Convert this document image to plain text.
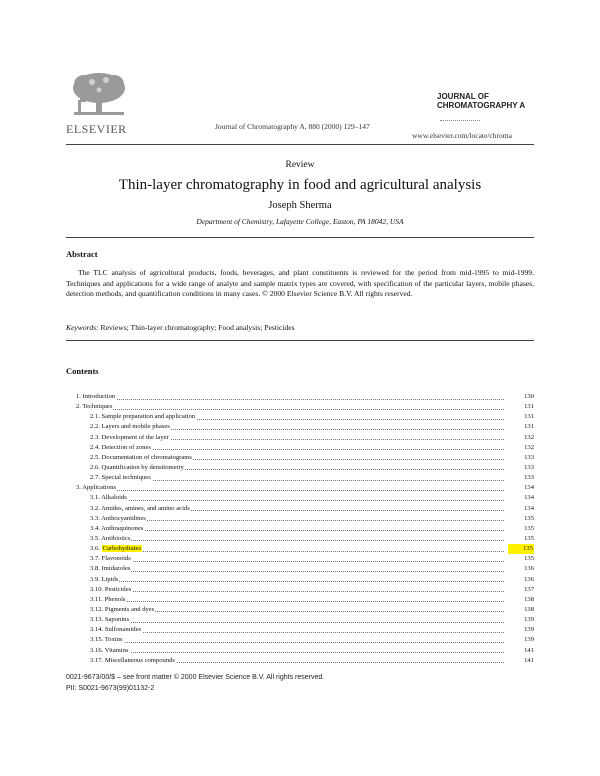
ELSEVIER	Journal of Chromatography A, 880 (2000) 129–147
JOURNAL OF
CHROMATOGRAPHY A
www.elsevier.com/locate/chroma
Review
Thin-layer chromatography in food and agricultural analysis
Joseph Sherma
Department of Chemistry, Lafayette College, Easton, PA 18042, USA
Abstract
The TLC analysis of agricultural products, foods, beverages, and plant constituents is reviewed for the period from mid-1995 to mid-1999. Techniques and applications for a wide range of analyte and sample matrix types are covered, with specification of the particular layers, mobile phases, detection methods, and quantification conditions in many cases. © 2000 Elsevier Science B.V. All rights reserved.
Keywords: Reviews; Thin-layer chromatography; Food analysis; Pesticides
Contents
1. Introduction	130
2. Techniques	131
2.1. Sample preparation and application	131
2.2. Layers and mobile phases	131
2.3. Development of the layer	132
2.4. Detection of zones	132
2.5. Documentation of chromatograms	133
2.6. Quantification by densitometry	133
2.7. Special techniques	133
3. Applications	134
3.1. Alkaloids	134
3.2. Amides, amines, and amino acids	134
3.3. Anthocyanidines	135
3.4. Anthraquinones	135
3.5. Antibiotics	135
3.6. Carbohydrates	135
3.7. Flavonoids	135
3.8. Imidazoles	136
3.9. Lipids	136
3.10. Pesticides	137
3.11. Phenols	138
3.12. Pigments and dyes	138
3.13. Saponins	139
3.14. Sulfonamides	139
3.15. Toxins	139
3.16. Vitamins	141
3.17. Miscellaneous compounds	141
0021-9673/00/$ – see front matter © 2000 Elsevier Science B.V. All rights reserved.
PII: S0021-9673(99)01132-2
